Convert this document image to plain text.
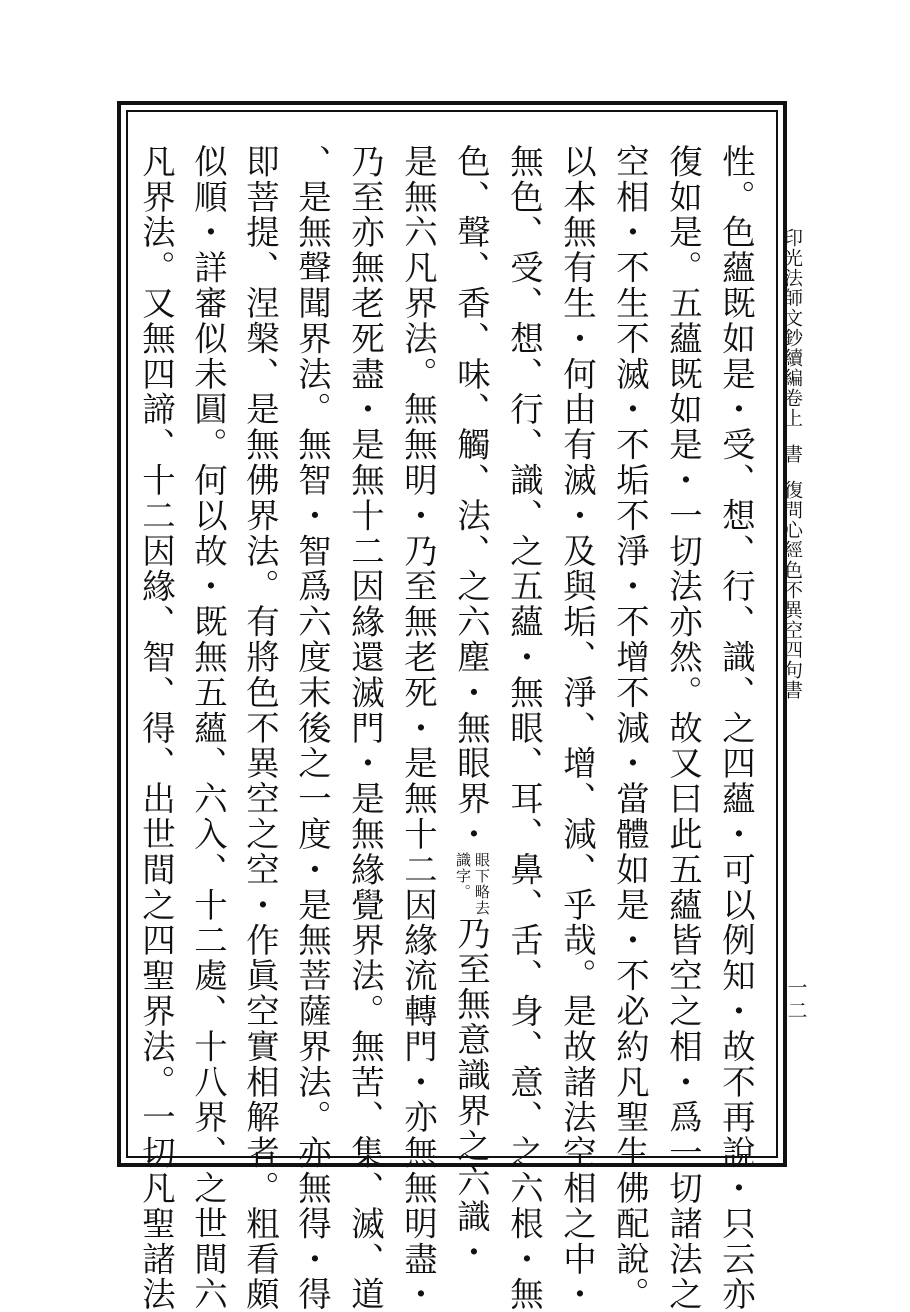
印光法師文鈔續編卷上書復問心經色不異空四句書
性。色蘊既如是・受、想、行、識、之四蘊・可以例知・故不再說・只云亦
復如是。五蘊既如是・一切法亦然。故又曰此五蘊皆空之相・爲一切諸法之
空相・不生不滅・不垢不淨・不增不減・當體如是・不必約凡聖生佛配說。
以本無有生・何由有滅・及與垢、淨、增、減、乎哉。是故諸法空相之中・
無色、受、想、行、識、之五蘊・無眼、耳、鼻、舌、身、意、之六根・無
色、聲、香、味、觸、法、之六塵・無眼界・
眼下略去
識字。
乃至無意識界之六識・
是無六凡界法。無無明・乃至無老死・是無十二因緣流轉門・亦無無明盡・
乃至亦無老死盡・是無十二因緣還滅門・是無緣覺界法。無苦、集、滅、道
、是無聲聞界法。無智・智爲六度末後之一度・是無菩薩界法。亦無得・得
即菩提、涅槃、是無佛界法。有將色不異空之空・作眞空實相解者。粗看頗
似順・詳審似未圓。何以故・既無五蘊、六入、十二處、十八界、之世間六
凡界法。又無四諦、十二因緣、智、得、出世間之四聖界法。一切凡聖諸法	一二
